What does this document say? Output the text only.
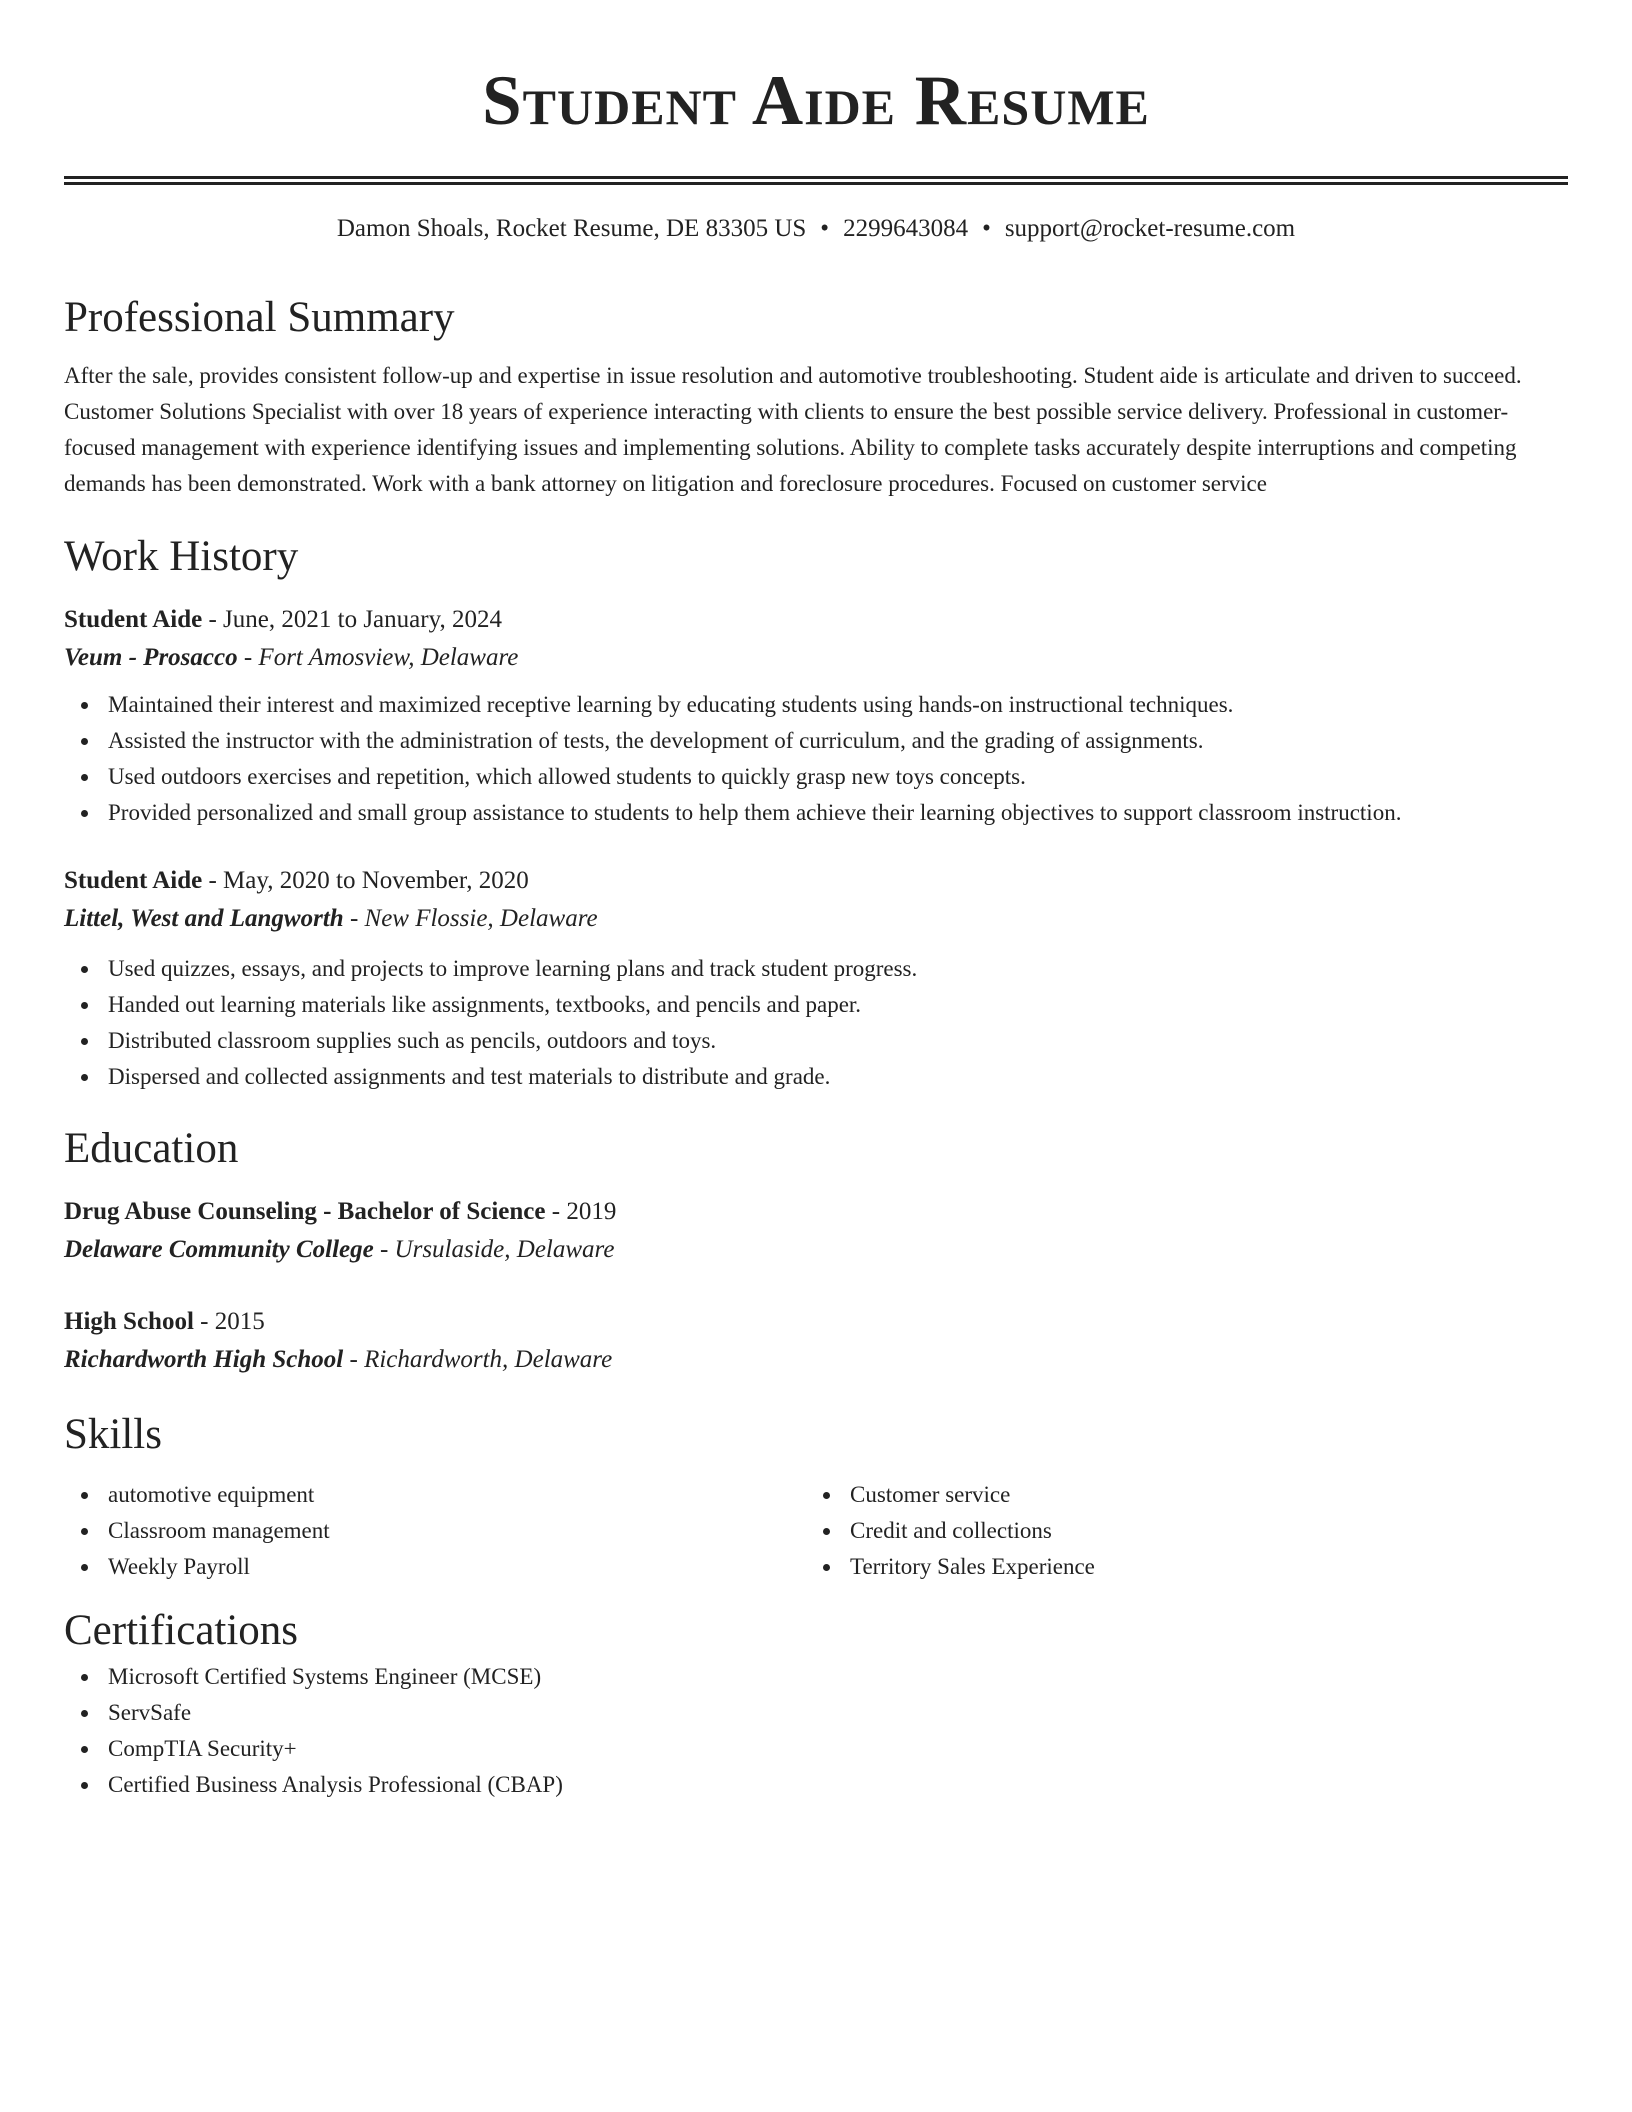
Student Aide Resume
Damon Shoals, Rocket Resume, DE 83305 US • 2299643084 • support@rocket-resume.com
Professional Summary
After the sale, provides consistent follow-up and expertise in issue resolution and automotive troubleshooting. Student aide is articulate and driven to succeed. Customer Solutions Specialist with over 18 years of experience interacting with clients to ensure the best possible service delivery. Professional in customer-focused management with experience identifying issues and implementing solutions. Ability to complete tasks accurately despite interruptions and competing demands has been demonstrated. Work with a bank attorney on litigation and foreclosure procedures. Focused on customer service
Work History
Student Aide - June, 2021 to January, 2024
Veum - Prosacco - Fort Amosview, Delaware
Maintained their interest and maximized receptive learning by educating students using hands-on instructional techniques.
Assisted the instructor with the administration of tests, the development of curriculum, and the grading of assignments.
Used outdoors exercises and repetition, which allowed students to quickly grasp new toys concepts.
Provided personalized and small group assistance to students to help them achieve their learning objectives to support classroom instruction.
Student Aide - May, 2020 to November, 2020
Littel, West and Langworth - New Flossie, Delaware
Used quizzes, essays, and projects to improve learning plans and track student progress.
Handed out learning materials like assignments, textbooks, and pencils and paper.
Distributed classroom supplies such as pencils, outdoors and toys.
Dispersed and collected assignments and test materials to distribute and grade.
Education
Drug Abuse Counseling - Bachelor of Science - 2019
Delaware Community College - Ursulaside, Delaware
High School - 2015
Richardworth High School - Richardworth, Delaware
Skills
automotive equipment
Classroom management
Weekly Payroll
Customer service
Credit and collections
Territory Sales Experience
Certifications
Microsoft Certified Systems Engineer (MCSE)
ServSafe
CompTIA Security+
Certified Business Analysis Professional (CBAP)
